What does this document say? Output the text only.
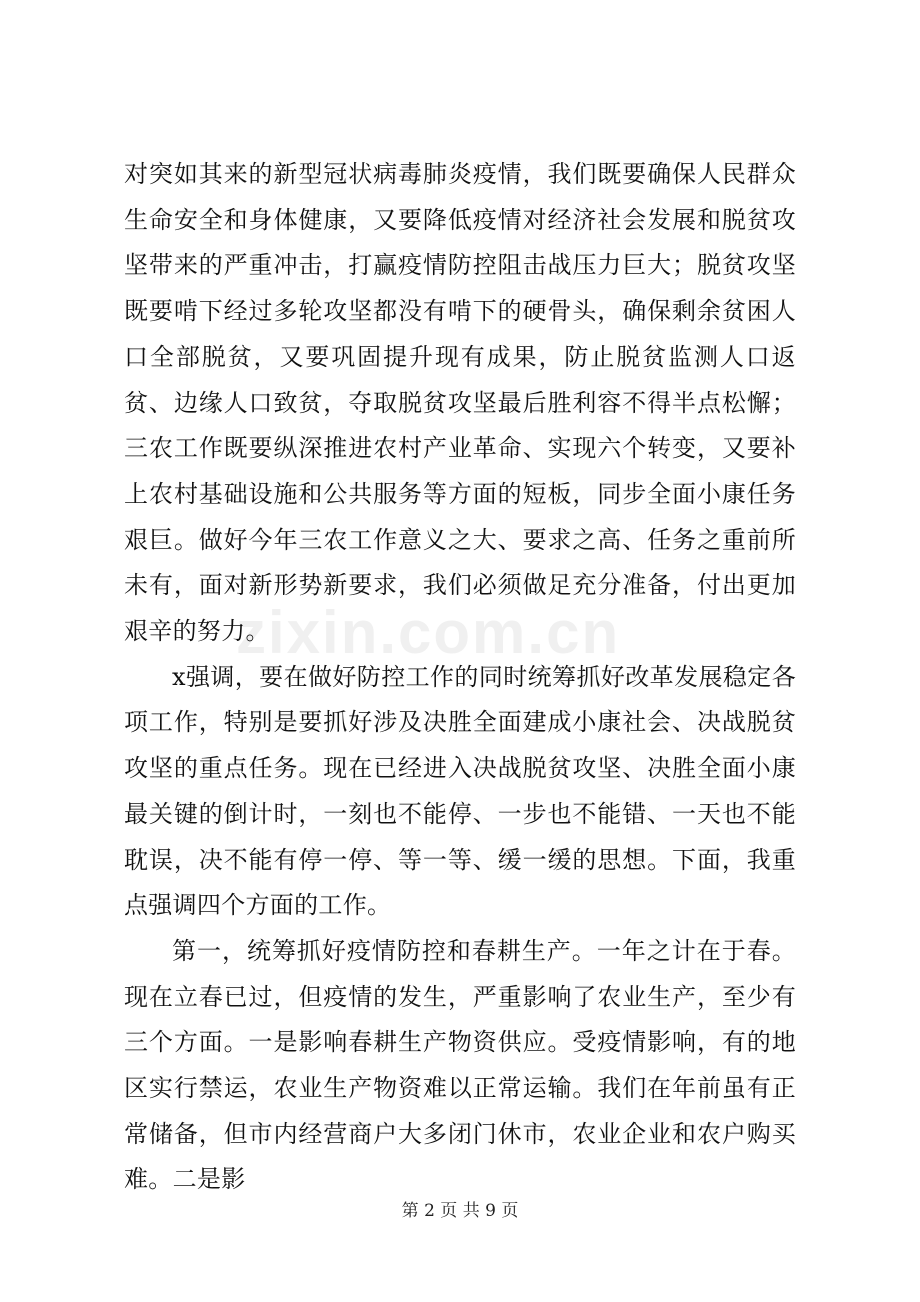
zixin.com.cn

对突如其来的新型冠状病毒肺炎疫情，我们既要确保人民群众生命安全和身体健康，又要降低疫情对经济社会发展和脱贫攻坚带来的严重冲击，打赢疫情防控阻击战压力巨大；脱贫攻坚既要啃下经过多轮攻坚都没有啃下的硬骨头，确保剩余贫困人口全部脱贫，又要巩固提升现有成果，防止脱贫监测人口返贫、边缘人口致贫，夺取脱贫攻坚最后胜利容不得半点松懈；三农工作既要纵深推进农村产业革命、实现六个转变，又要补上农村基础设施和公共服务等方面的短板，同步全面小康任务艰巨。做好今年三农工作意义之大、要求之高、任务之重前所未有，面对新形势新要求，我们必须做足充分准备，付出更加艰辛的努力。

x强调，要在做好防控工作的同时统筹抓好改革发展稳定各项工作，特别是要抓好涉及决胜全面建成小康社会、决战脱贫攻坚的重点任务。现在已经进入决战脱贫攻坚、决胜全面小康最关键的倒计时，一刻也不能停、一步也不能错、一天也不能耽误，决不能有停一停、等一等、缓一缓的思想。下面，我重点强调四个方面的工作。

第一，统筹抓好疫情防控和春耕生产。一年之计在于春。现在立春已过，但疫情的发生，严重影响了农业生产，至少有三个方面。一是影响春耕生产物资供应。受疫情影响，有的地区实行禁运，农业生产物资难以正常运输。我们在年前虽有正常储备，但市内经营商户大多闭门休市，农业企业和农户购买难。二是影

第 2 页 共 9 页
